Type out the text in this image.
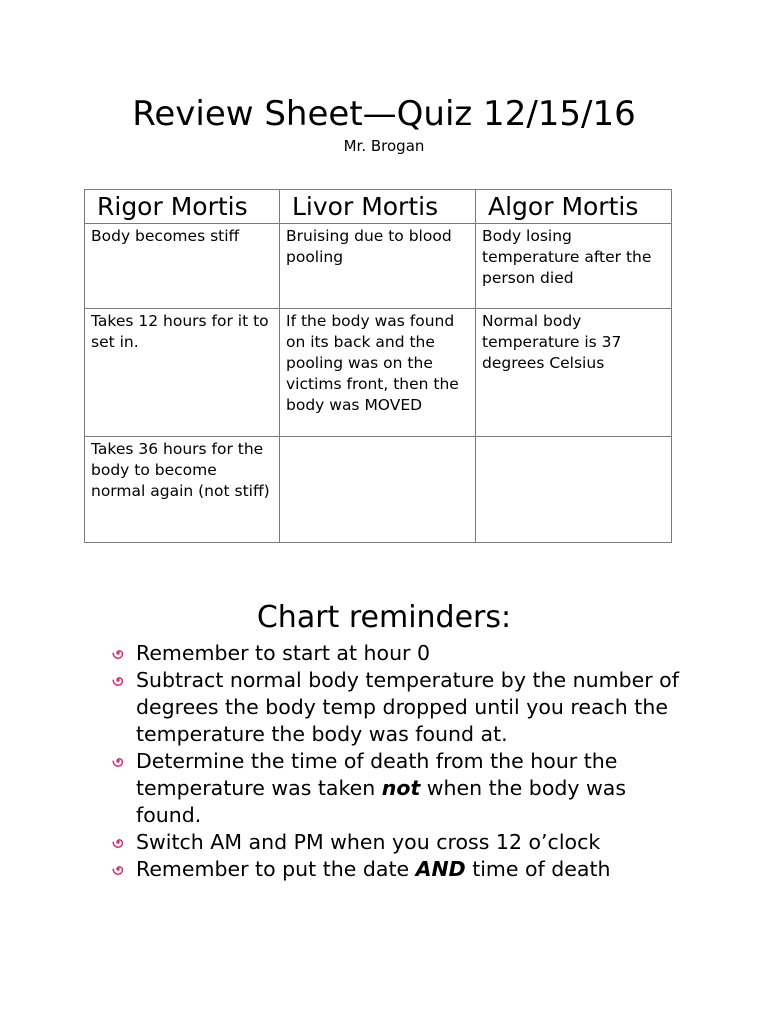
Review Sheet—Quiz 12/15/16
Mr. Brogan
Rigor Mortis	Livor Mortis	Algor Mortis
Body becomes stiff	Bruising due to blood pooling	Body losing temperature after the person died
Takes 12 hours for it to set in.	If the body was found on its back and the pooling was on the victims front, then the body was MOVED	Normal body temperature is 37 degrees Celsius
Takes 36 hours for the body to become normal again (not stiff)		
Chart reminders:
Remember to start at hour 0
Subtract normal body temperature by the number of degrees the body temp dropped until you reach the temperature the body was found at.
Determine the time of death from the hour the temperature was taken not when the body was found.
Switch AM and PM when you cross 12 o’clock
Remember to put the date AND time of death
